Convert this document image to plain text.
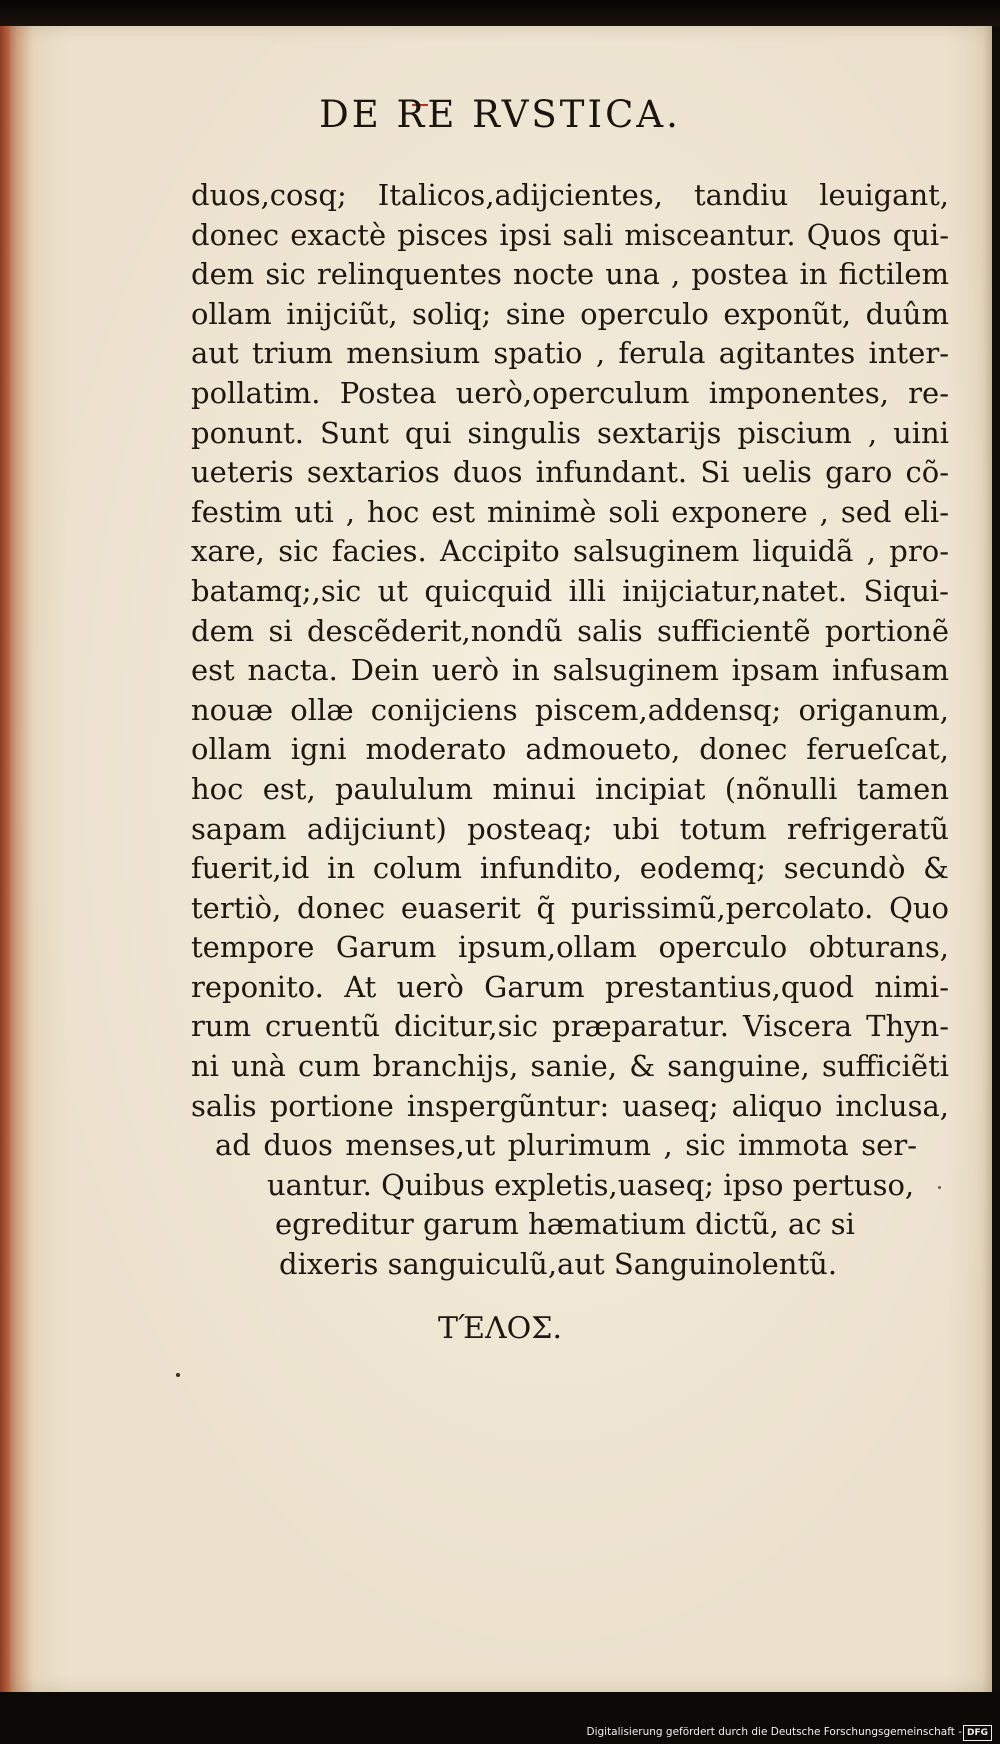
DE RE RVSTICA.
duos,cosq; Italicos,adijcientes, tandiu leuigant,
donec exactè pisces ipsi sali misceantur. Quos qui-
dem sic relinquentes nocte una , postea in fictilem
ollam inijciũt, soliq; sine operculo exponũt, duûm
aut trium mensium spatio , ferula agitantes inter-
pollatim. Postea uerò,operculum imponentes, re-
ponunt. Sunt qui singulis sextarijs piscium , uini
ueteris sextarios duos infundant. Si uelis garo cõ-
festim uti , hoc est minimè soli exponere , sed eli-
xare, sic facies. Accipito salsuginem liquidã , pro-
batamq;,sic ut quicquid illi inijciatur,natet. Siqui-
dem si descẽderit,nondũ salis sufficientẽ portionẽ
est nacta. Dein uerò in salsuginem ipsam infusam
nouæ ollæ conijciens piscem,addensq; origanum,
ollam igni moderato admoueto, donec ferueſcat,
hoc est, paululum minui incipiat (nõnulli tamen
sapam adijciunt) posteaq; ubi totum refrigeratũ
fuerit,id in colum infundito, eodemq; secundò &
tertiò, donec euaserit q̃ purissimũ,percolato. Quo
tempore Garum ipsum,ollam operculo obturans,
reponito. At uerò Garum prestantius,quod nimi-
rum cruentũ dicitur,sic præparatur. Viscera Thyn-
ni unà cum branchijs, sanie, & sanguine, sufficiẽti
salis portione inspergũntur: uaseq; aliquo inclusa,
ad duos menses,ut plurimum , sic immota ser-
uantur. Quibus expletis,uaseq; ipso pertuso,
egreditur garum hæmatium dictũ, ac si
dixeris sanguiculũ,aut Sanguinolentũ.
ΤΈΛΟΣ.
Digitalisierung gefördert durch die Deutsche Forschungsgemeinschaft - DFG
